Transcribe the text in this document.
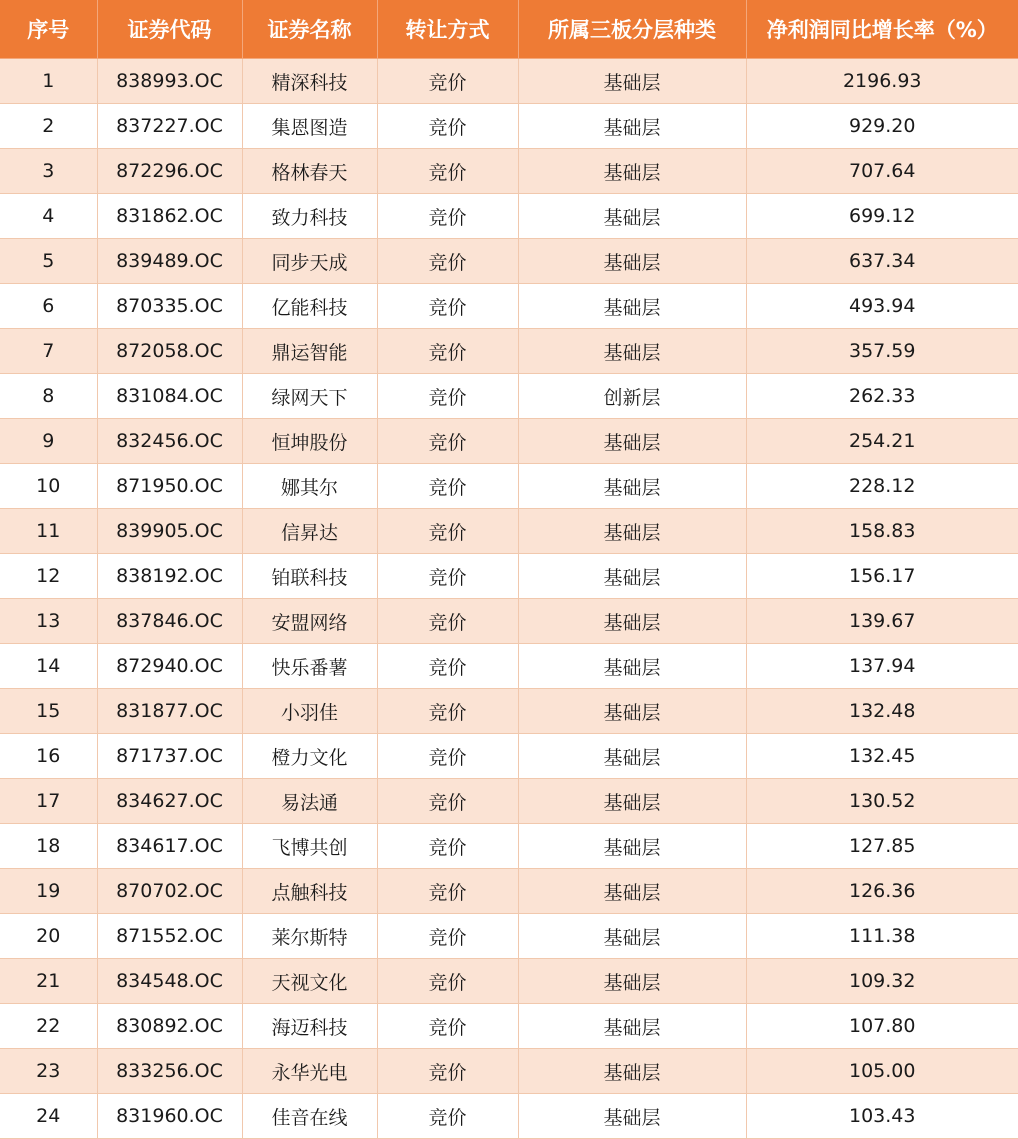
序号	证券代码	证券名称	转让方式	所属三板分层种类	净利润同比增长率（%）
1	838993.OC	精深科技	竞价	基础层	2196.93
2	837227.OC	集恩图造	竞价	基础层	929.20
3	872296.OC	格林春天	竞价	基础层	707.64
4	831862.OC	致力科技	竞价	基础层	699.12
5	839489.OC	同步天成	竞价	基础层	637.34
6	870335.OC	亿能科技	竞价	基础层	493.94
7	872058.OC	鼎运智能	竞价	基础层	357.59
8	831084.OC	绿网天下	竞价	创新层	262.33
9	832456.OC	恒坤股份	竞价	基础层	254.21
10	871950.OC	娜其尔	竞价	基础层	228.12
11	839905.OC	信昇达	竞价	基础层	158.83
12	838192.OC	铂联科技	竞价	基础层	156.17
13	837846.OC	安盟网络	竞价	基础层	139.67
14	872940.OC	快乐番薯	竞价	基础层	137.94
15	831877.OC	小羽佳	竞价	基础层	132.48
16	871737.OC	橙力文化	竞价	基础层	132.45
17	834627.OC	易法通	竞价	基础层	130.52
18	834617.OC	飞博共创	竞价	基础层	127.85
19	870702.OC	点触科技	竞价	基础层	126.36
20	871552.OC	莱尔斯特	竞价	基础层	111.38
21	834548.OC	天视文化	竞价	基础层	109.32
22	830892.OC	海迈科技	竞价	基础层	107.80
23	833256.OC	永华光电	竞价	基础层	105.00
24	831960.OC	佳音在线	竞价	基础层	103.43
